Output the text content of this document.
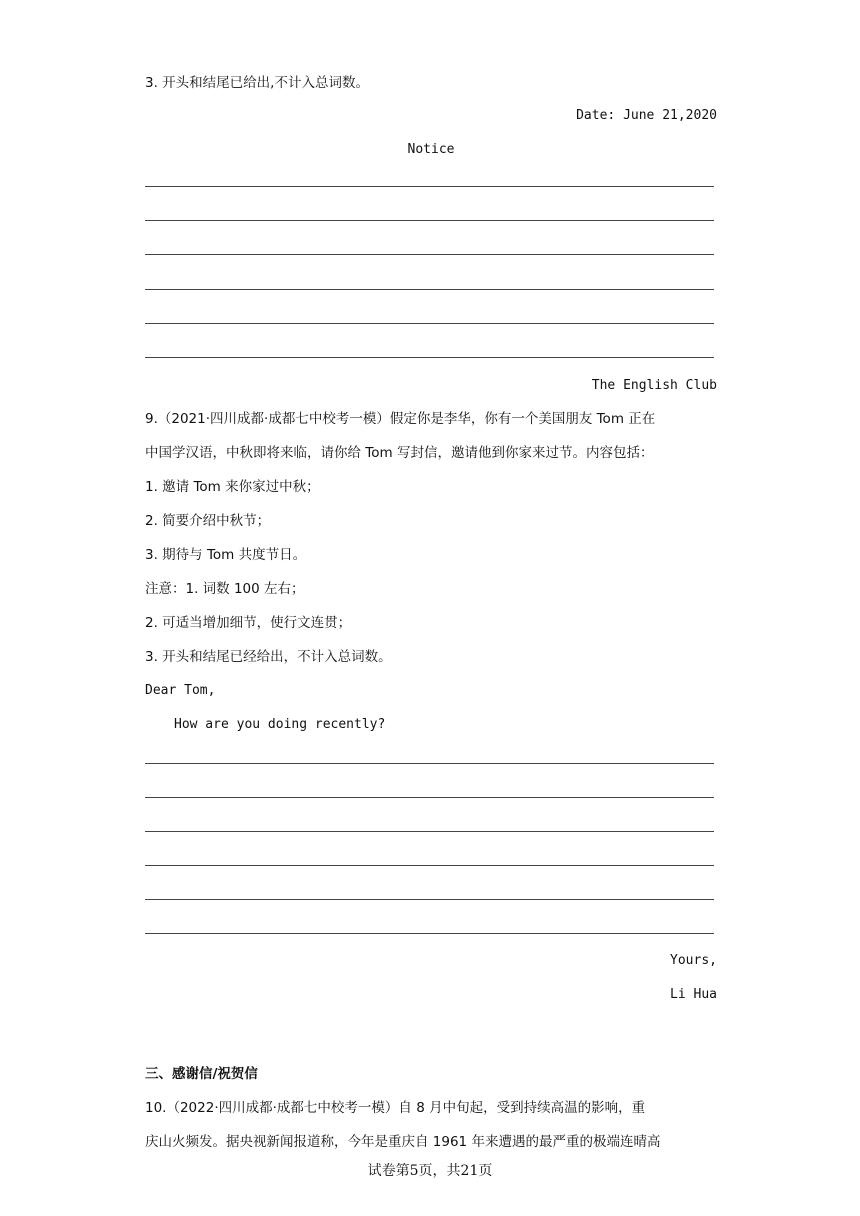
3. 开头和结尾已给出,不计入总词数。
Date: June 21,2020
Notice
The English Club
9.（2021·四川成都·成都七中校考一模）假定你是李华，你有一个美国朋友 Tom 正在
中国学汉语，中秋即将来临，请你给 Tom 写封信，邀请他到你家来过节。内容包括：
1. 邀请 Tom 来你家过中秋；
2. 简要介绍中秋节；
3. 期待与 Tom 共度节日。
注意：1. 词数 100 左右；
2. 可适当增加细节，使行文连贯；
3. 开头和结尾已经给出，不计入总词数。
Dear Tom,
How are you doing recently?
Yours,
Li Hua
三、感谢信/祝贺信
10.（2022·四川成都·成都七中校考一模）自 8 月中旬起，受到持续高温的影响，重
庆山火频发。据央视新闻报道称，今年是重庆自 1961 年来遭遇的最严重的极端连晴高
试卷第5页，共21页
